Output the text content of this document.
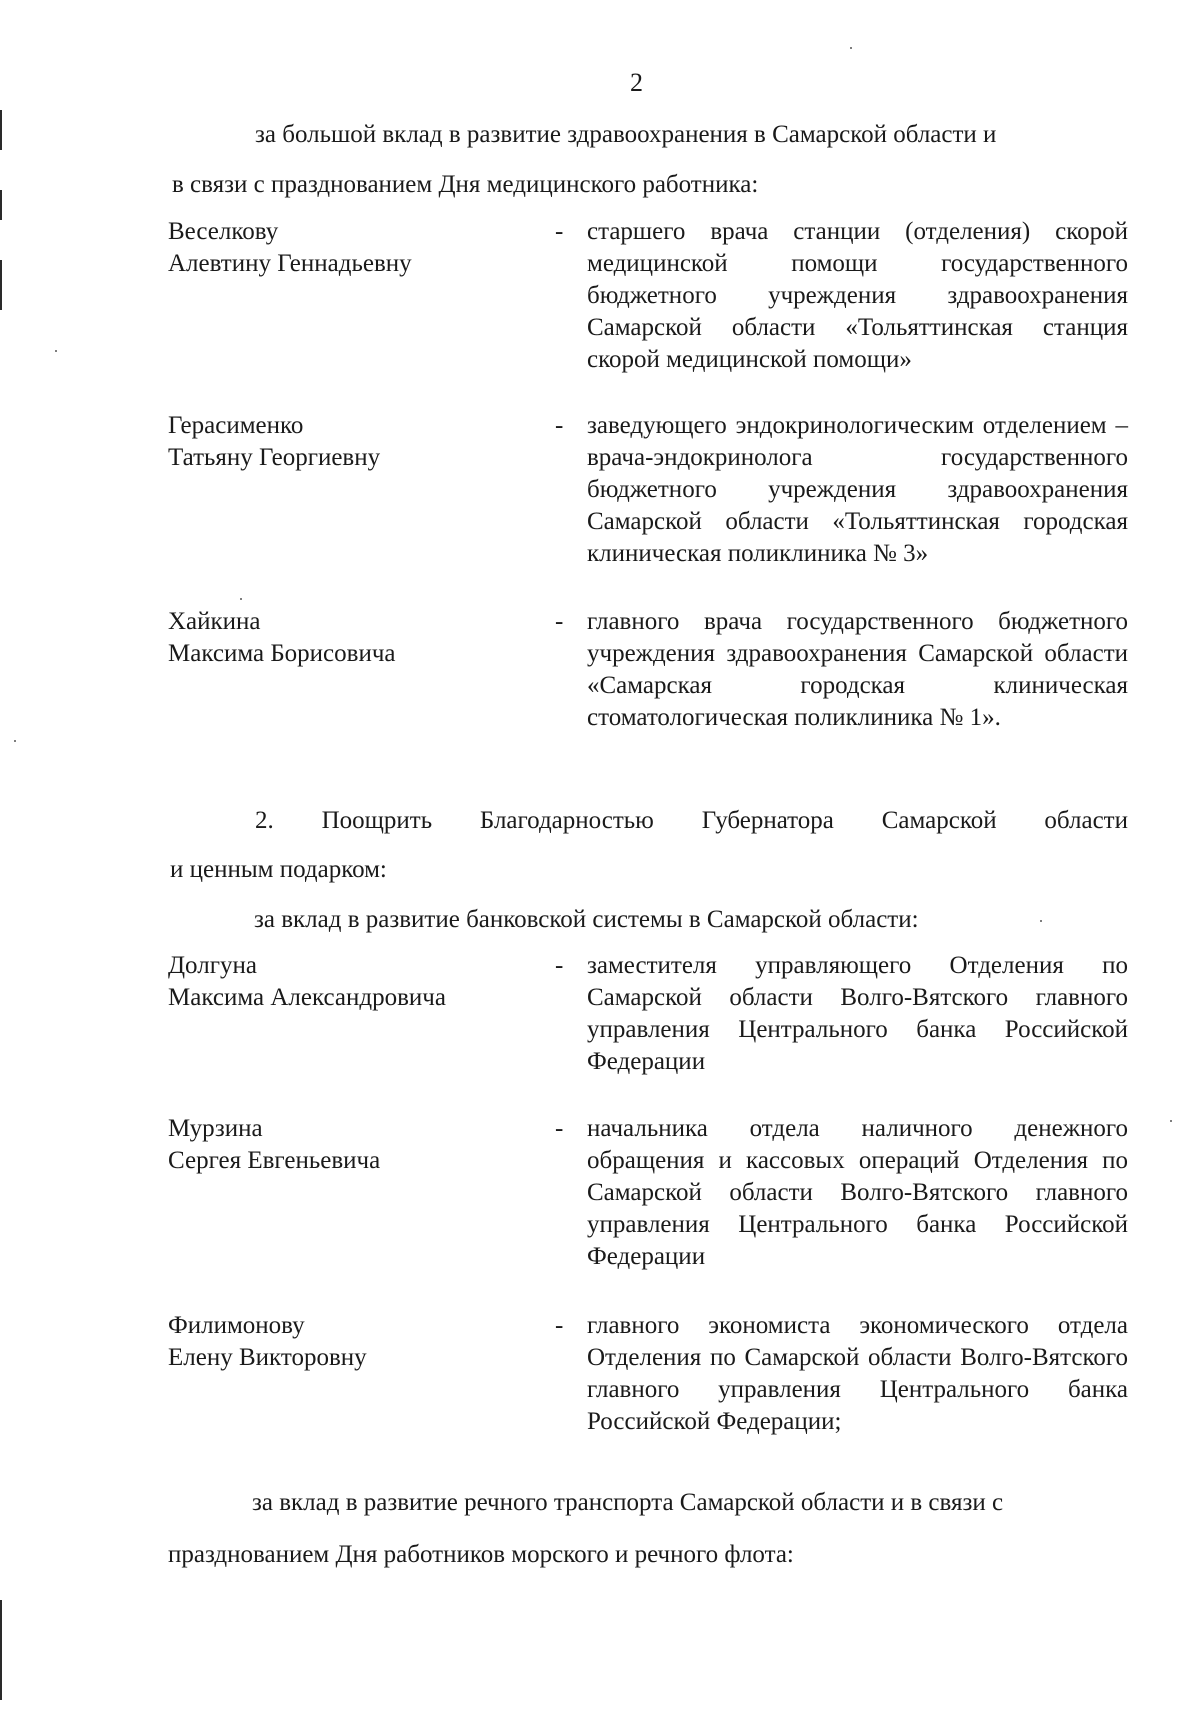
2
за большой вклад в развитие здравоохранения в Самарской области и
в связи с празднованием Дня медицинского работника:
Веселкову
Алевтину Геннадьевну
- старшего врача станции (отделения) скорой медицинской помощи государственного бюджетного учреждения здравоохранения Самарской области «Тольяттинская станция скорой медицинской помощи»
Герасименко
Татьяну Георгиевну
- заведующего эндокринологическим отделением – врача-эндокринолога государственного бюджетного учреждения здравоохранения Самарской области «Тольяттинская городская клиническая поликлиника № 3»
Хайкина
Максима Борисовича
- главного врача государственного бюджетного учреждения здравоохранения Самарской области «Самарская городская клиническая стоматологическая поликлиника № 1».
2. Поощрить Благодарностью Губернатора Самарской области
и ценным подарком:
за вклад в развитие банковской системы в Самарской области:
Долгуна
Максима Александровича
- заместителя управляющего Отделения по Самарской области Волго-Вятского главного управления Центрального банка Российской Федерации
Мурзина
Сергея Евгеньевича
- начальника отдела наличного денежного обращения и кассовых операций Отделения по Самарской области Волго-Вятского главного управления Центрального банка Российской Федерации
Филимонову
Елену Викторовну
- главного экономиста экономического отдела Отделения по Самарской области Волго-Вятского главного управления Центрального банка Российской Федерации;
за вклад в развитие речного транспорта Самарской области и в связи с
празднованием Дня работников морского и речного флота:
